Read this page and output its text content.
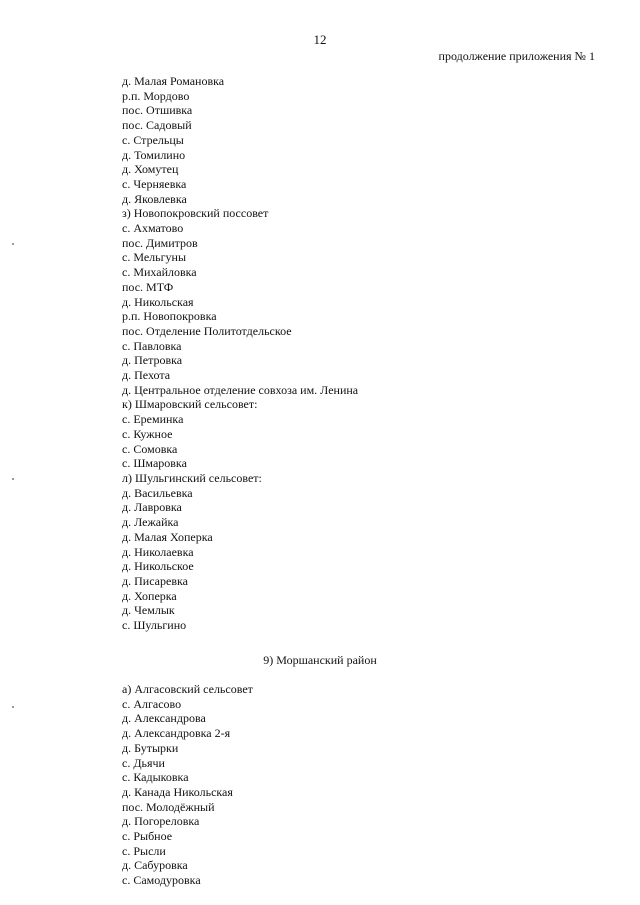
12
продолжение приложения № 1
д. Малая Романовка
р.п. Мордово
пос. Отшивка
пос. Садовый
с. Стрельцы
д. Томилино
д. Хомутец
с. Черняевка
д. Яковлевка
з) Новопокровский поссовет
с. Ахматово
пос. Димитров
с. Мельгуны
с. Михайловка
пос. МТФ
д. Никольская
р.п. Новопокровка
пос. Отделение Политотдельское
с. Павловка
д. Петровка
д. Пехота
д. Центральное отделение совхоза им. Ленина
к) Шмаровский сельсовет:
с. Ереминка
с. Кужное
с. Сомовка
с. Шмаровка
л) Шульгинский сельсовет:
д. Васильевка
д. Лавровка
д. Лежайка
д. Малая Хоперка
д. Николаевка
д. Никольское
д. Писаревка
д. Хоперка
д. Чемлык
с. Шульгино
9) Моршанский район
а) Алгасовский сельсовет
с. Алгасово
д. Александрова
д. Александровка 2-я
д. Бутырки
с. Дьячи
с. Кадыковка
д. Канада Никольская
пос. Молодёжный
д. Погореловка
с. Рыбное
с. Рысли
д. Сабуровка
с. Самодуровка
